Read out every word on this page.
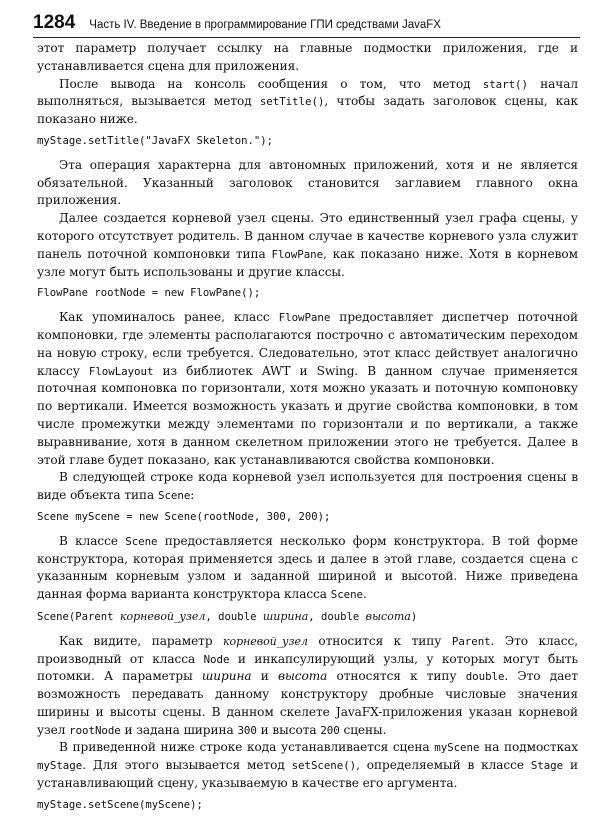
1284 Часть IV. Введение в программирование ГПИ средствами JavaFX

этот параметр получает ссылку на главные подмостки приложения, где и устанавливается сцена для приложения.

После вывода на консоль сообщения о том, что метод start() начал выполняться, вызывается метод setTitle(), чтобы задать заголовок сцены, как показано ниже.

myStage.setTitle("JavaFX Skeleton.");

Эта операция характерна для автономных приложений, хотя и не является обязательной. Указанный заголовок становится заглавием главного окна приложения.

Далее создается корневой узел сцены. Это единственный узел графа сцены, у которого отсутствует родитель. В данном случае в качестве корневого узла служит панель поточной компоновки типа FlowPane, как показано ниже. Хотя в корневом узле могут быть использованы и другие классы.

FlowPane rootNode = new FlowPane();

Как упоминалось ранее, класс FlowPane предоставляет диспетчер поточной компоновки, где элементы располагаются построчно с автоматическим переходом на новую строку, если требуется. Следовательно, этот класс действует аналогично классу FlowLayout из библиотек AWT и Swing. В данном случае применяется поточная компоновка по горизонтали, хотя можно указать и поточную компоновку по вертикали. Имеется возможность указать и другие свойства компоновки, в том числе промежутки между элементами по горизонтали и по вертикали, а также выравнивание, хотя в данном скелетном приложении этого не требуется. Далее в этой главе будет показано, как устанавливаются свойства компоновки.

В следующей строке кода корневой узел используется для построения сцены в виде объекта типа Scene:

Scene myScene = new Scene(rootNode, 300, 200);

В классе Scene предоставляется несколько форм конструктора. В той форме конструктора, которая применяется здесь и далее в этой главе, создается сцена с указанным корневым узлом и заданной шириной и высотой. Ниже приведена данная форма варианта конструктора класса Scene.

Scene(Parent корневой_узел, double ширина, double высота)

Как видите, параметр корневой_узел относится к типу Parent. Это класс, производный от класса Node и инкапсулирующий узлы, у которых могут быть потомки. А параметры ширина и высота относятся к типу double. Это дает возможность передавать данному конструктору дробные числовые значения ширины и высоты сцены. В данном скелете JavaFX-приложения указан корневой узел rootNode и задана ширина 300 и высота 200 сцены.

В приведенной ниже строке кода устанавливается сцена myScene на подмостках myStage. Для этого вызывается метод setScene(), определяемый в классе Stage и устанавливающий сцену, указываемую в качестве его аргумента.

myStage.setScene(myScene);
